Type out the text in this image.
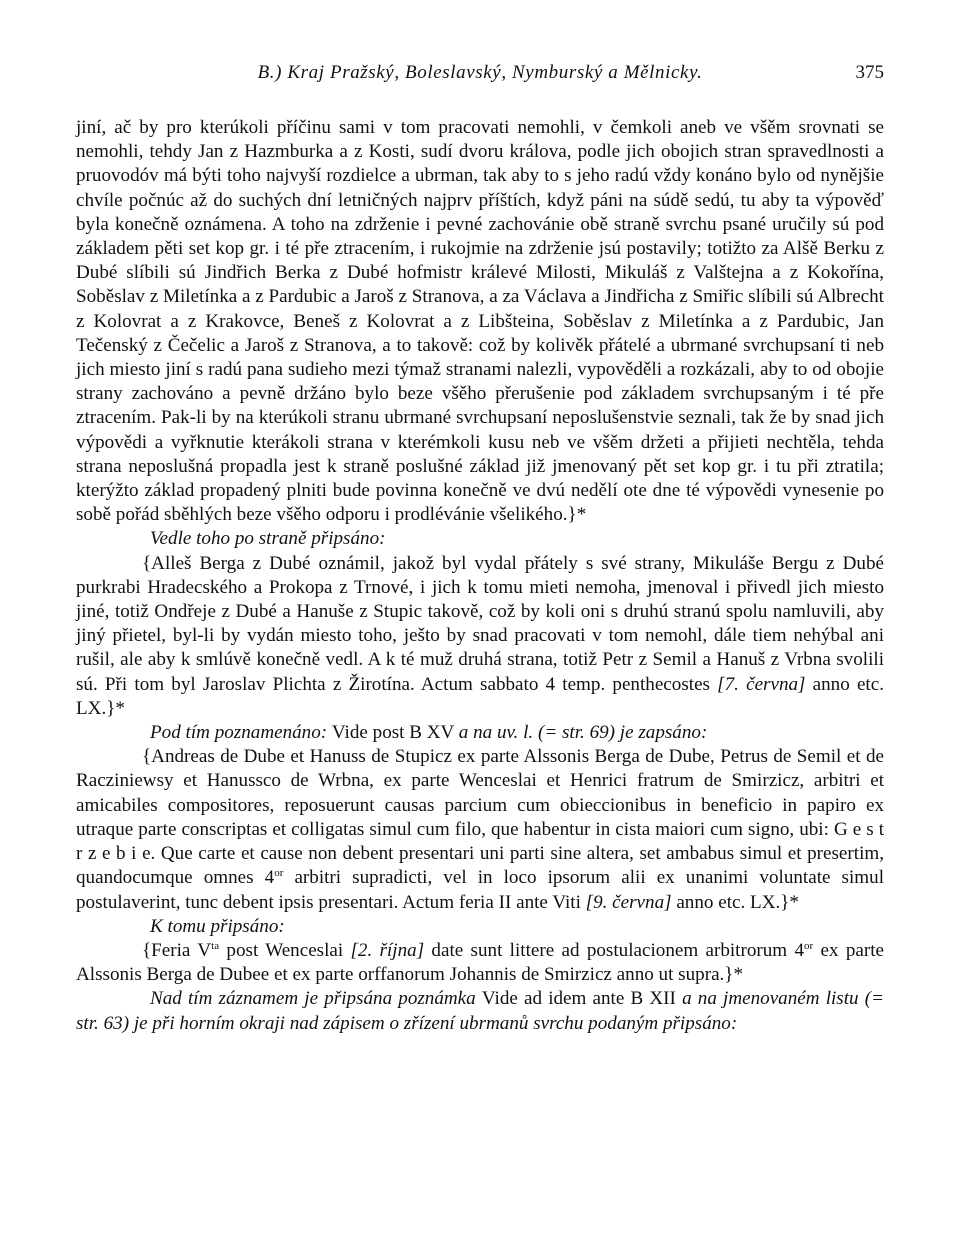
B.) Kraj Pražský, Boleslavský, Nymburský a Mělnicky.	375

jiní, ač by pro kterúkoli příčinu sami v tom pracovati nemohli, v čemkoli aneb ve všěm srovnati se nemohli, tehdy Jan z Hazmburka a z Kosti, sudí dvoru králova, podle jich obojich stran spravedlnosti a pruovodóv má býti toho najvyší rozdielce a ubrman, tak aby to s jeho radú vždy konáno bylo od nynějšie chvíle počnúc až do suchých dní letničných najprv příštích, když páni na súdě sedú, tu aby ta výpověď byla konečně oznámena. A toho na zdrženie i pevné zachovánie obě straně svrchu psané uručily sú pod základem pěti set kop gr. i té pře ztracením, i rukojmie na zdrženie jsú postavily; totižto za Alšě Berku z Dubé slíbili sú Jindřich Berka z Dubé hofmistr králevé Milosti, Mikuláš z Valštejna a z Kokořína, Soběslav z Miletínka a z Pardubic a Jaroš z Stranova, a za Václava a Jindřicha z Smiřic slíbili sú Albrecht z Kolovrat a z Krakovce, Beneš z Kolovrat a z Libšteina, Soběslav z Miletínka a z Pardubic, Jan Tečenský z Čečelic a Jaroš z Stranova, a to takově: což by kolivěk přátelé a ubrmané svrchupsaní ti neb jich miesto jiní s radú pana sudieho mezi týmaž stranami nalezli, vypověděli a rozkázali, aby to od obojie strany zachováno a pevně držáno bylo beze všěho přerušenie pod základem svrchupsaným i té pře ztracením. Pak-li by na kterúkoli stranu ubrmané svrchupsaní neposlušenstvie seznali, tak že by snad jich výpovědi a vyřknutie kterákoli strana v kterémkoli kusu neb ve všěm držeti a přijieti nechtěla, tehda strana neposlušná propadla jest k straně poslušné základ již jmenovaný pět set kop gr. i tu při ztratila; kterýžto základ propadený plniti bude povinna konečně ve dvú nedělí ote dne té výpovědi vynesenie po sobě pořád sběhlých beze všěho odporu i prodlévánie všelikého.}*

Vedle toho po straně připsáno:

{Alleš Berga z Dubé oznámil, jakož byl vydal přátely s své strany, Mikuláše Bergu z Dubé purkrabi Hradecského a Prokopa z Trnové, i jich k tomu mieti nemoha, jmenoval i přivedl jich miesto jiné, totiž Ondřeje z Dubé a Hanuše z Stupic takově, což by koli oni s druhú stranú spolu namluvili, aby jiný přietel, byl-li by vydán miesto toho, ješto by snad pracovati v tom nemohl, dále tiem nehýbal ani rušil, ale aby k smlúvě konečně vedl. A k té muž druhá strana, totiž Petr z Semil a Hanuš z Vrbna svolili sú. Při tom byl Jaroslav Plichta z Žirotína. Actum sabbato 4 temp. penthecostes [7. června] anno etc. LX.}*

Pod tím poznamenáno: Vide post B XV a na uv. l. (= str. 69) je zapsáno:

{Andreas de Dube et Hanuss de Stupicz ex parte Alssonis Berga de Dube, Petrus de Semil et de Racziniewsy et Hanussco de Wrbna, ex parte Wenceslai et Henrici fratrum de Smirzicz, arbitri et amicabiles compositores, reposuerunt causas parcium cum obieccionibus in beneficio in papiro ex utraque parte conscriptas et colligatas simul cum filo, que habentur in cista maiori cum signo, ubi: G e s t r z e b i e. Que carte et cause non debent presentari uni parti sine altera, set ambabus simul et presertim, quandocumque omnes $4^{or}$ arbitri supradicti, vel in loco ipsorum alii ex unanimi voluntate simul postulaverint, tunc debent ipsis presentari. Actum feria II ante Viti [9. června] anno etc. LX.}*

K tomu připsáno:

{Feria $V^{ta}$ post Wenceslai [2. října] date sunt littere ad postulacionem arbitrorum $4^{or}$ ex parte Alssonis Berga de Dubee et ex parte orffanorum Johannis de Smirzicz anno ut supra.}*

Nad tím záznamem je připsána poznámka Vide ad idem ante B XII a na jmenovaném listu (= str. 63) je při horním okraji nad zápisem o zřízení ubrmanů svrchu podaným připsáno:
